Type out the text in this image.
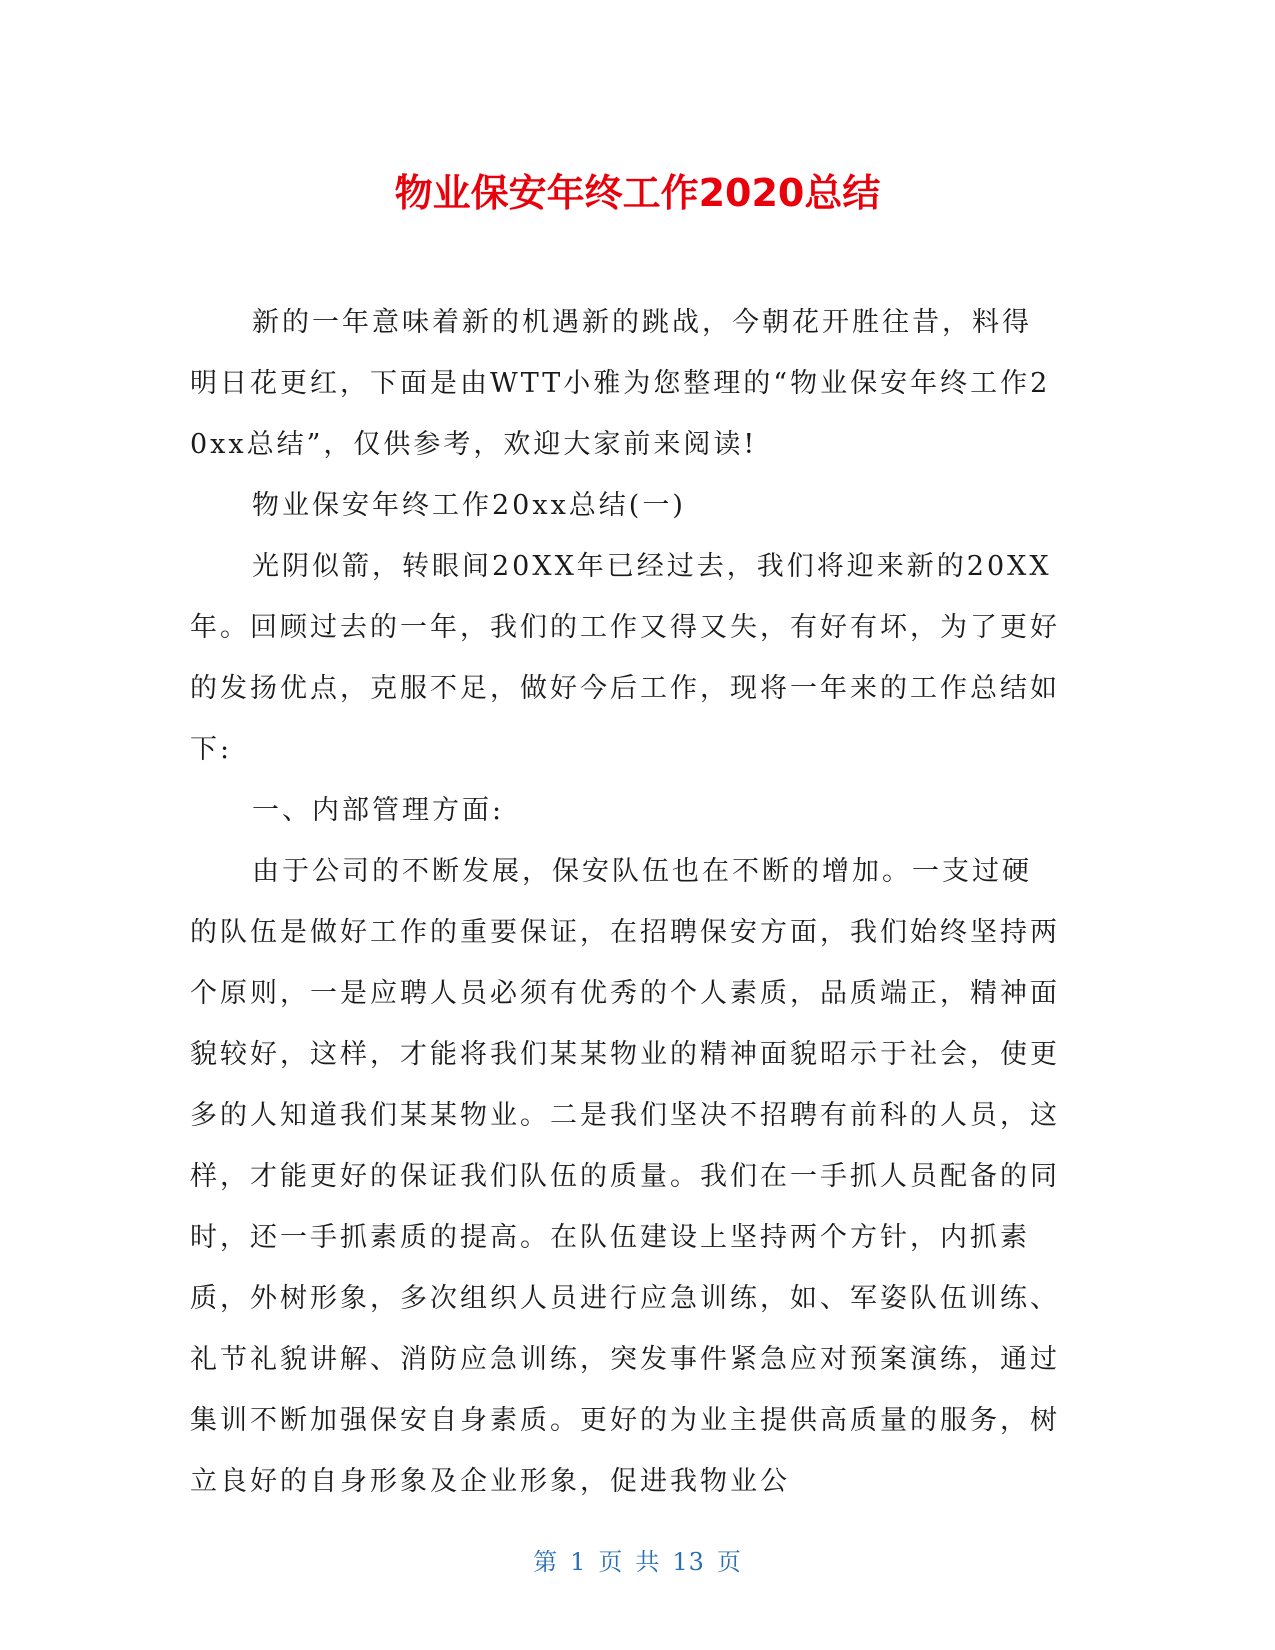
物业保安年终工作2020总结

新的一年意味着新的机遇新的跳战，今朝花开胜往昔，料得明日花更红，下面是由WTT小雅为您整理的“物业保安年终工作20xx总结”，仅供参考，欢迎大家前来阅读!

物业保安年终工作20xx总结(一)

光阴似箭，转眼间20XX年已经过去，我们将迎来新的20XX年。回顾过去的一年，我们的工作又得又失，有好有坏，为了更好的发扬优点，克服不足，做好今后工作，现将一年来的工作总结如下:

一、内部管理方面:

由于公司的不断发展，保安队伍也在不断的增加。一支过硬的队伍是做好工作的重要保证，在招聘保安方面，我们始终坚持两个原则，一是应聘人员必须有优秀的个人素质，品质端正，精神面貌较好，这样，才能将我们某某物业的精神面貌昭示于社会，使更多的人知道我们某某物业。二是我们坚决不招聘有前科的人员，这样，才能更好的保证我们队伍的质量。我们在一手抓人员配备的同时，还一手抓素质的提高。在队伍建设上坚持两个方针，内抓素质，外树形象，多次组织人员进行应急训练，如、军姿队伍训练、礼节礼貌讲解、消防应急训练，突发事件紧急应对预案演练，通过集训不断加强保安自身素质。更好的为业主提供高质量的服务，树立良好的自身形象及企业形象，促进我物业公

第 1 页 共 13 页
